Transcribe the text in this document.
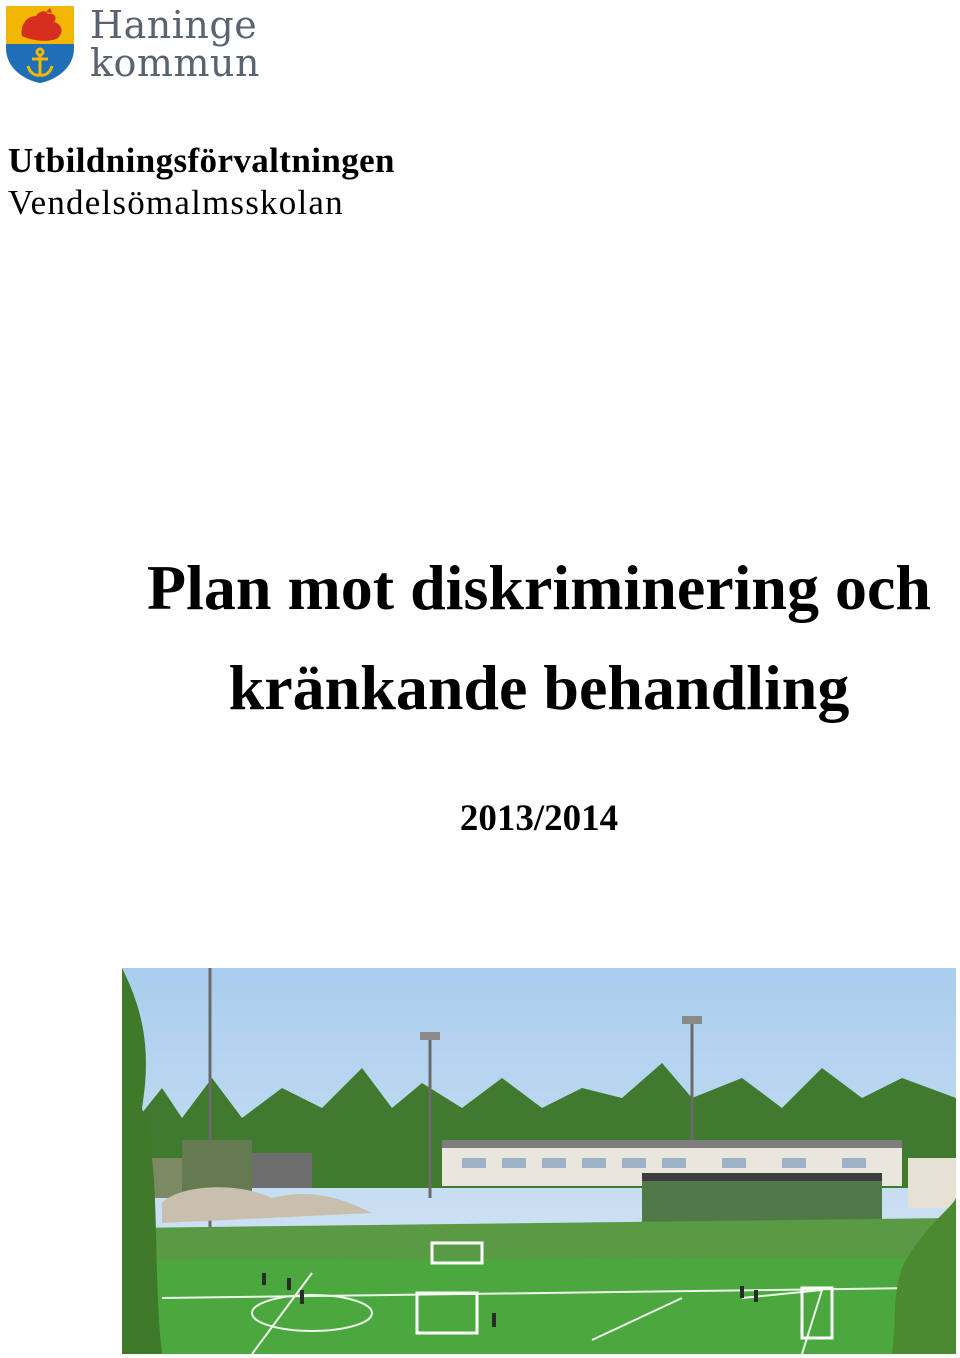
Haninge
kommun
Utbildningsförvaltningen
Vendelsömalmsskolan
Plan mot diskriminering och
kränkande behandling
2013/2014
